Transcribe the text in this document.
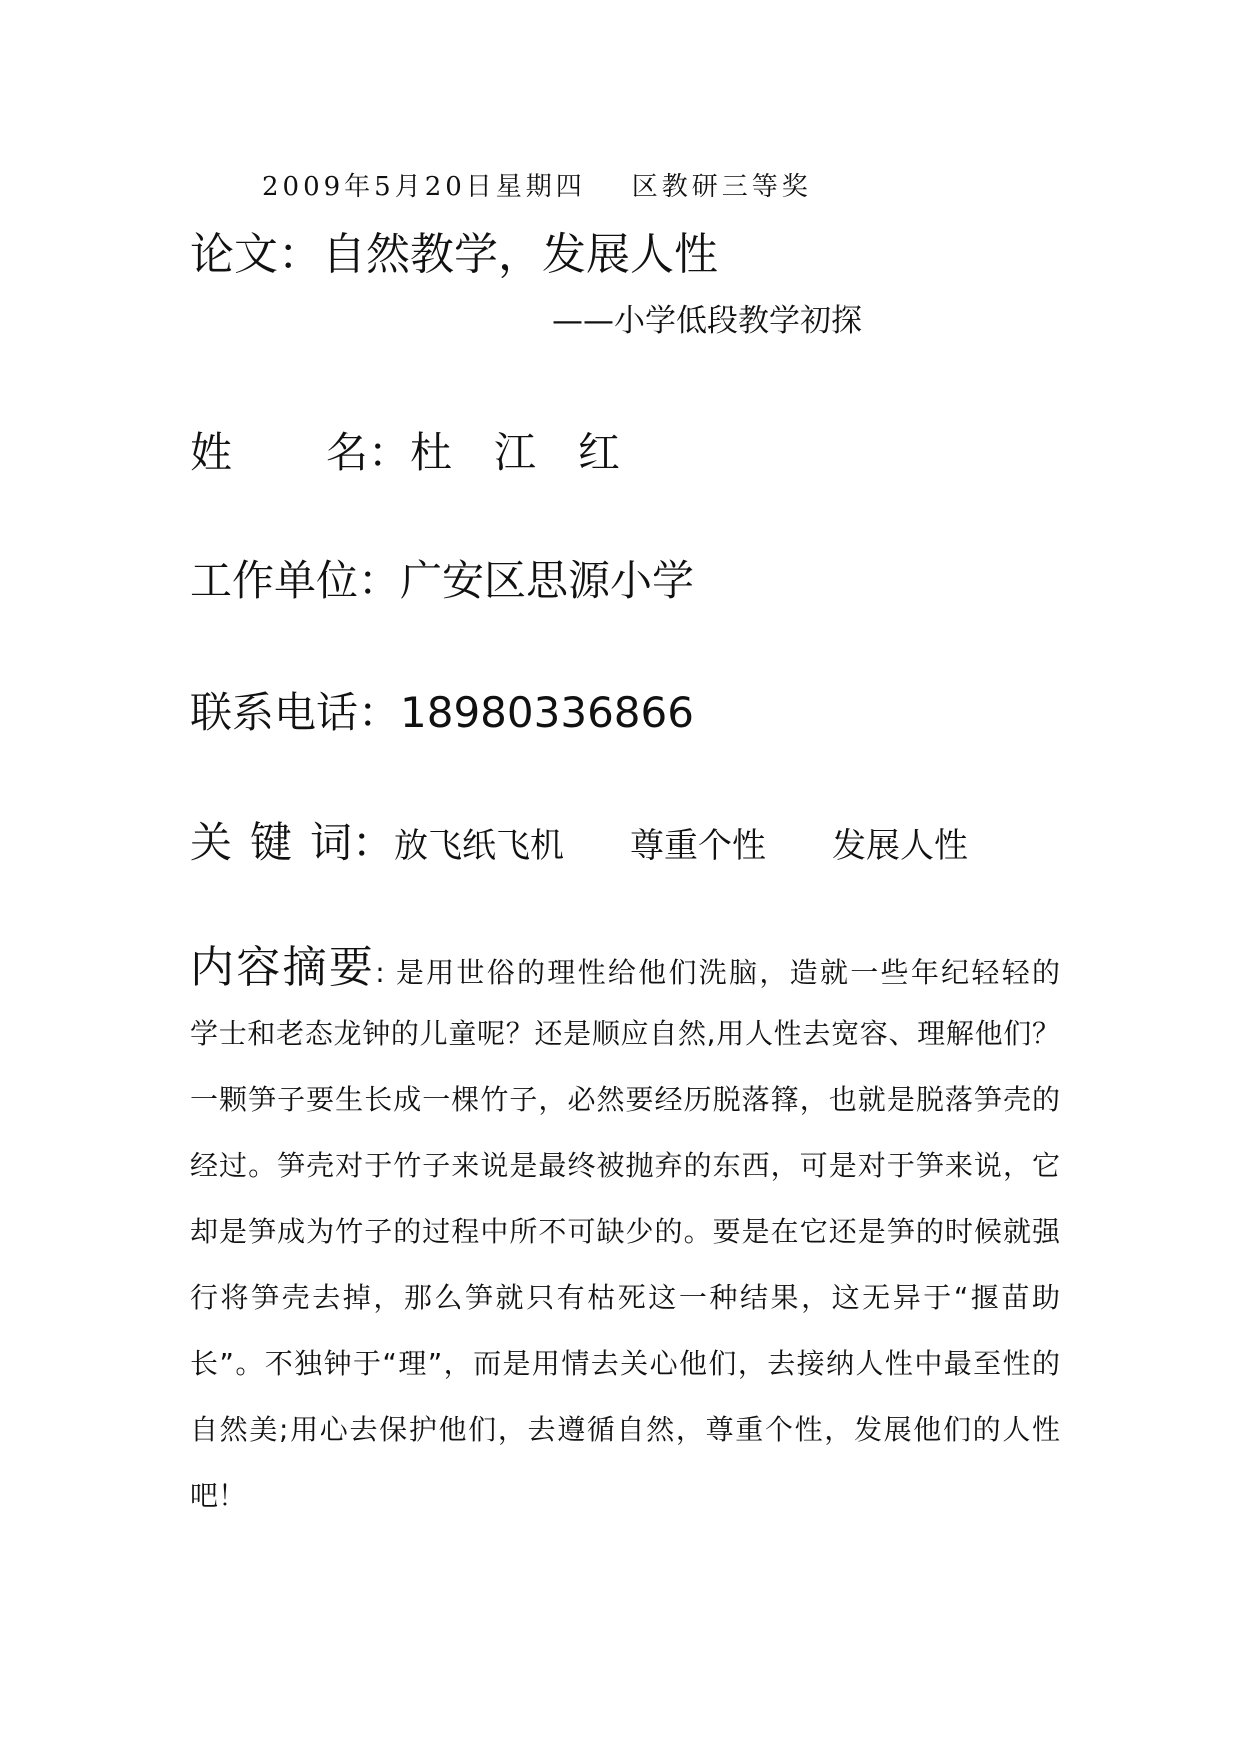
2009年5月20日星期四 区教研三等奖
论文：自然教学，发展人性
——小学低段教学初探
姓 名：杜 江 红
工作单位：广安区思源小学
联系电话：18980336866
关 键 词：放飞纸飞机 尊重个性 发展人性
内容摘要: 是用世俗的理性给他们洗脑，造就一些年纪轻轻的
学士和老态龙钟的儿童呢？还是顺应自然,用人性去宽容、理解他们？
一颗笋子要生长成一棵竹子，必然要经历脱落箨，也就是脱落笋壳的
经过。笋壳对于竹子来说是最终被抛弃的东西，可是对于笋来说，它
却是笋成为竹子的过程中所不可缺少的。要是在它还是笋的时候就强
行将笋壳去掉，那么笋就只有枯死这一种结果，这无异于“揠苗助
长”。不独钟于“理”，而是用情去关心他们，去接纳人性中最至性的
自然美;用心去保护他们，去遵循自然，尊重个性，发展他们的人性
吧！
